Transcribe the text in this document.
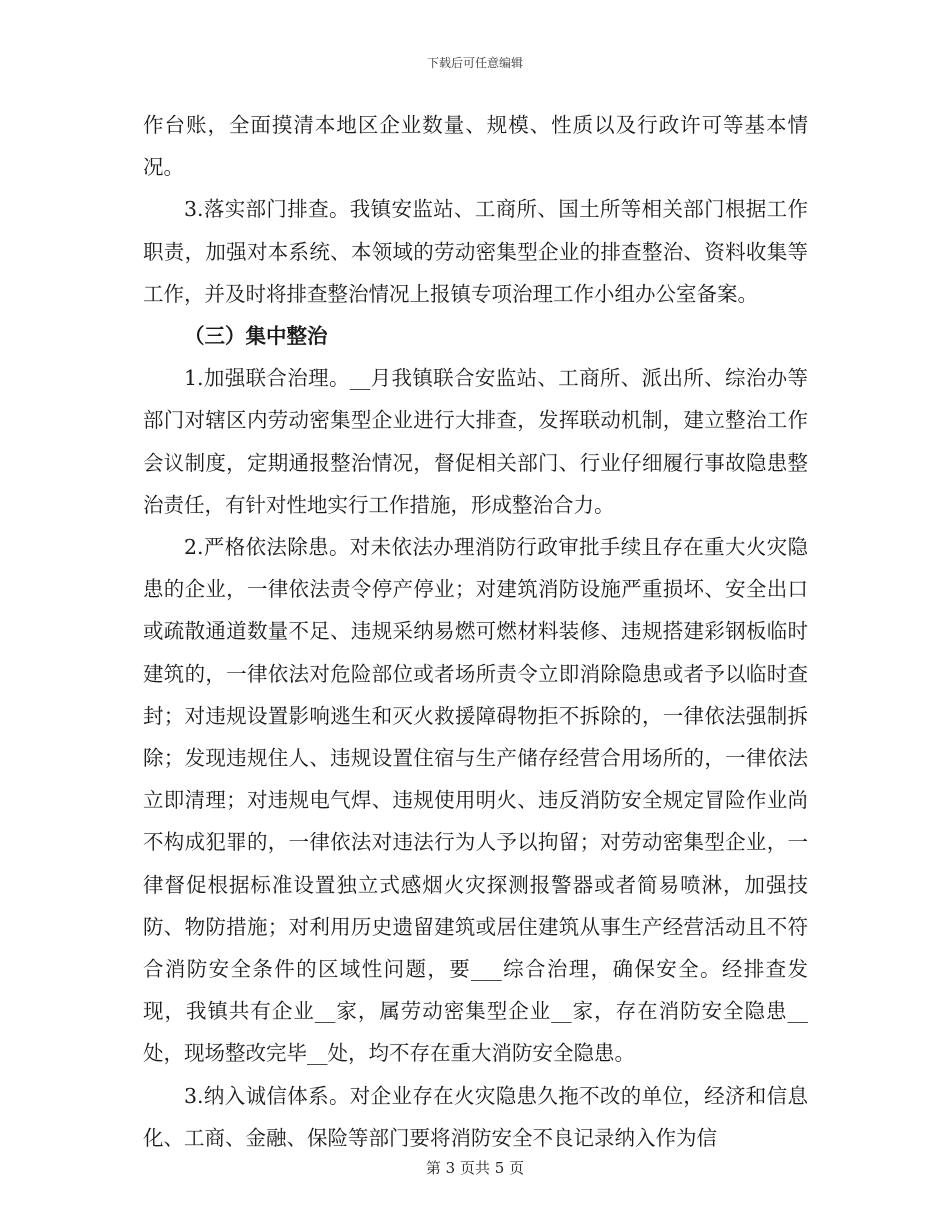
下载后可任意编辑

作台账，全面摸清本地区企业数量、规模、性质以及行政许可等基本情况。

3.落实部门排查。我镇安监站、工商所、国土所等相关部门根据工作职责，加强对本系统、本领域的劳动密集型企业的排查整治、资料收集等工作，并及时将排查整治情况上报镇专项治理工作小组办公室备案。

（三）集中整治

1.加强联合治理。__月我镇联合安监站、工商所、派出所、综治办等部门对辖区内劳动密集型企业进行大排查，发挥联动机制，建立整治工作会议制度，定期通报整治情况，督促相关部门、行业仔细履行事故隐患整治责任，有针对性地实行工作措施，形成整治合力。

2.严格依法除患。对未依法办理消防行政审批手续且存在重大火灾隐患的企业，一律依法责令停产停业；对建筑消防设施严重损坏、安全出口或疏散通道数量不足、违规采纳易燃可燃材料装修、违规搭建彩钢板临时建筑的，一律依法对危险部位或者场所责令立即消除隐患或者予以临时查封；对违规设置影响逃生和灭火救援障碍物拒不拆除的，一律依法强制拆除；发现违规住人、违规设置住宿与生产储存经营合用场所的，一律依法立即清理；对违规电气焊、违规使用明火、违反消防安全规定冒险作业尚不构成犯罪的，一律依法对违法行为人予以拘留；对劳动密集型企业，一律督促根据标准设置独立式感烟火灾探测报警器或者简易喷淋，加强技防、物防措施；对利用历史遗留建筑或居住建筑从事生产经营活动且不符合消防安全条件的区域性问题，要___综合治理，确保安全。经排查发现，我镇共有企业__家，属劳动密集型企业__家，存在消防安全隐患__处，现场整改完毕__处，均不存在重大消防安全隐患。

3.纳入诚信体系。对企业存在火灾隐患久拖不改的单位，经济和信息化、工商、金融、保险等部门要将消防安全不良记录纳入作为信

第 3 页共 5 页
